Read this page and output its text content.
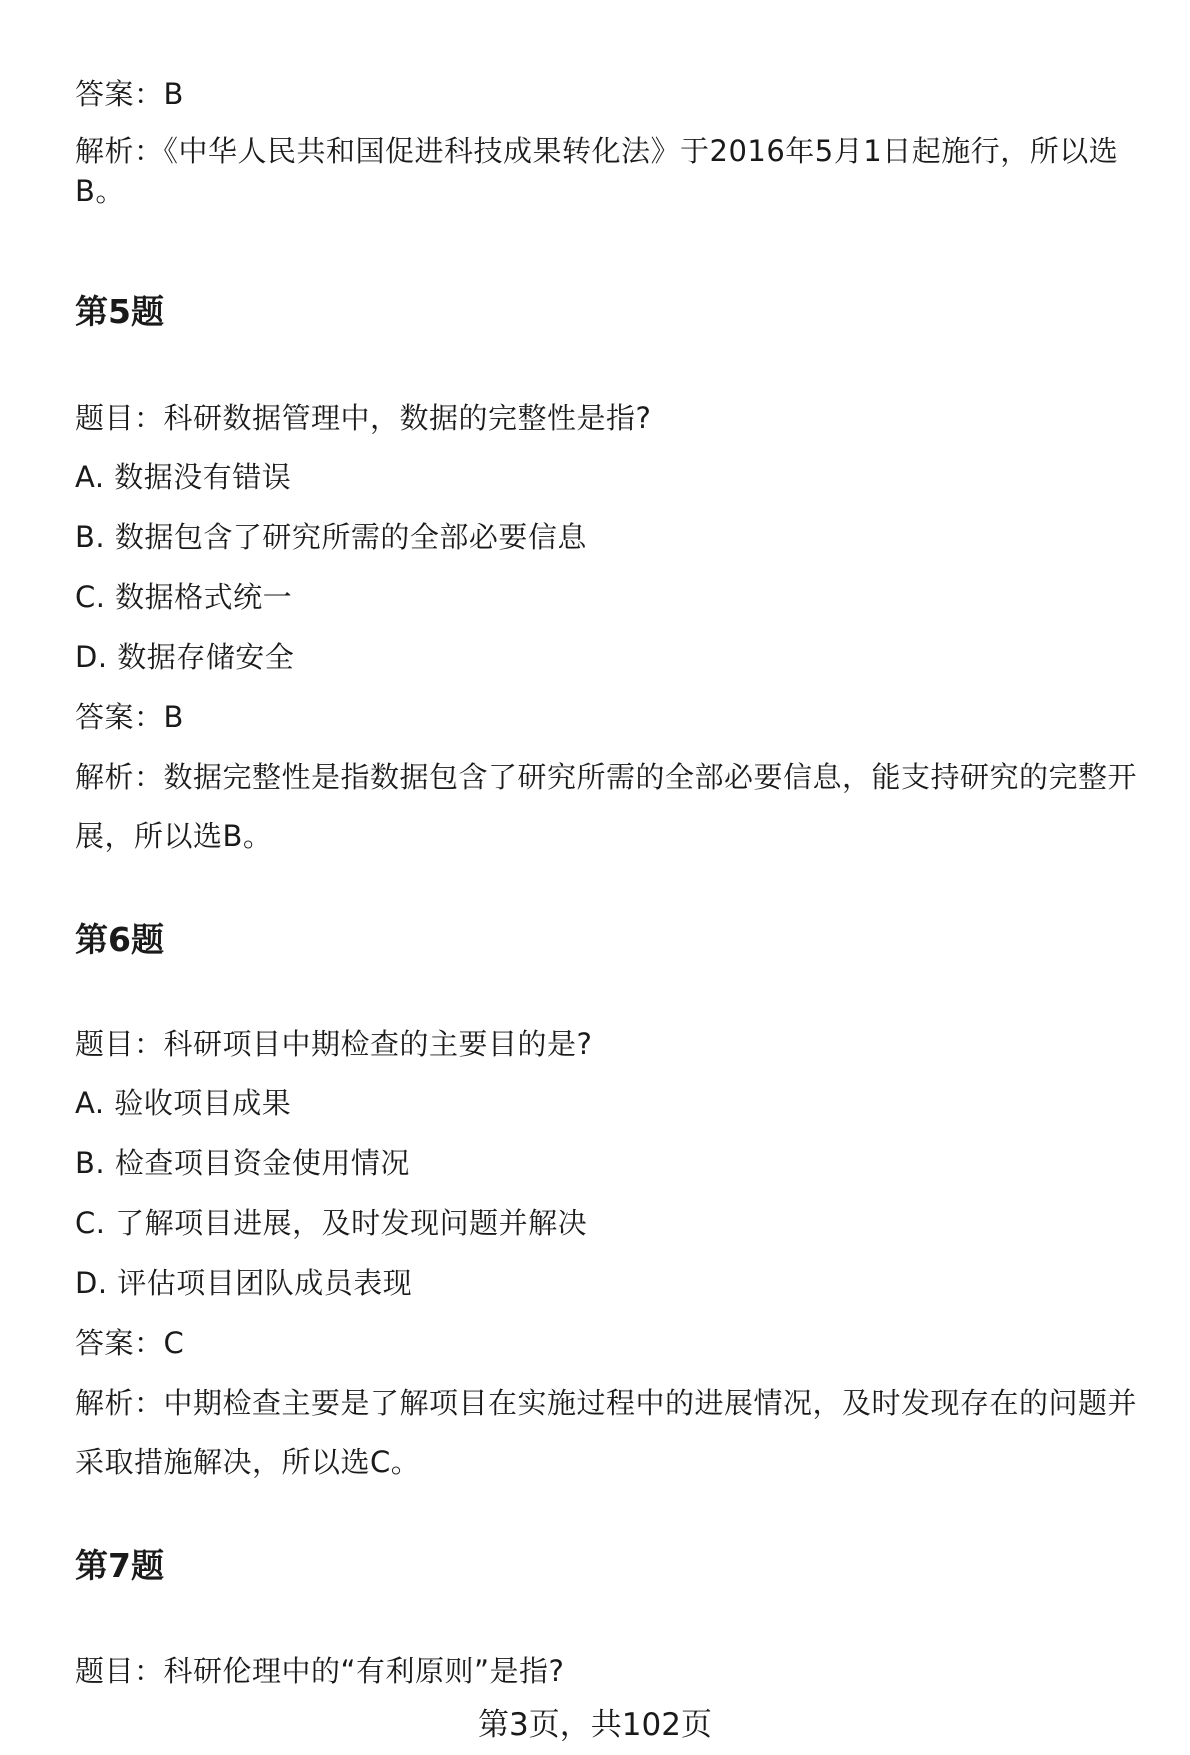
答案：B
解析：《中华人民共和国促进科技成果转化法》于2016年5月1日起施行，所以选
B。
第5题
题目：科研数据管理中，数据的完整性是指?
A. 数据没有错误
B. 数据包含了研究所需的全部必要信息
C. 数据格式统一
D. 数据存储安全
答案：B
解析：数据完整性是指数据包含了研究所需的全部必要信息，能支持研究的完整开
展，所以选B。
第6题
题目：科研项目中期检查的主要目的是?
A. 验收项目成果
B. 检查项目资金使用情况
C. 了解项目进展，及时发现问题并解决
D. 评估项目团队成员表现
答案：C
解析：中期检查主要是了解项目在实施过程中的进展情况，及时发现存在的问题并
采取措施解决，所以选C。
第7题
题目：科研伦理中的“有利原则”是指?
第3页，共102页
